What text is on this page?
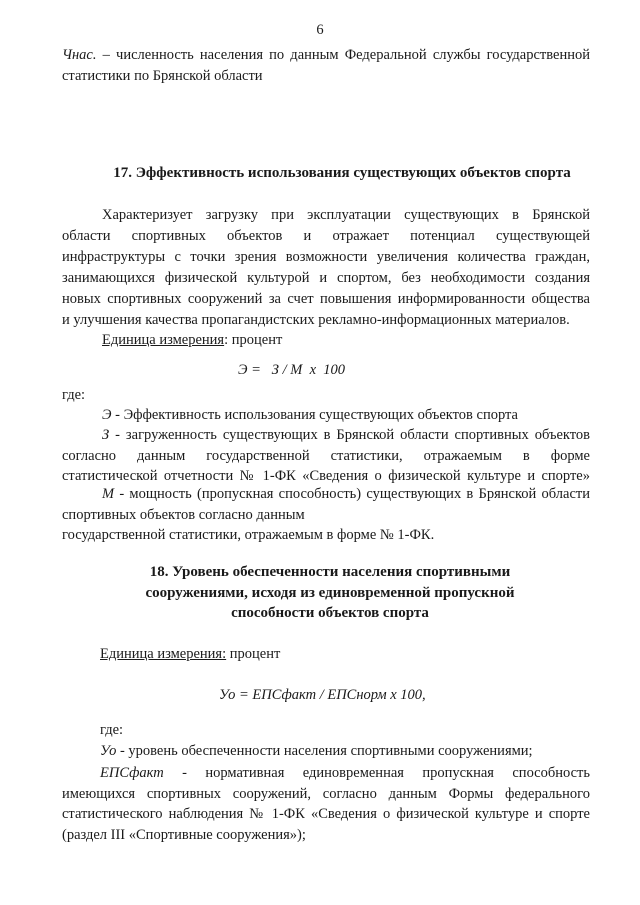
6
Чнас. – численность населения по данным Федеральной службы государственной
статистики по Брянской области
17. Эффективность использования существующих объектов спорта
Характеризует загрузку при эксплуатации существующих в Брянской
области спортивных объектов и отражает потенциал существующей
инфраструктуры с точки зрения возможности увеличения количества граждан,
занимающихся физической культурой и спортом, без необходимости создания
новых спортивных сооружений за счет повышения информированности общества
и улучшения качества пропагандистских рекламно-информационных материалов.
Единица измерения: процент
Э =   З / М  х  100
где:
Э - Эффективность использования существующих объектов спорта
З - загруженность существующих в Брянской области спортивных объектов
согласно данным государственной статистики, отражаемым в форме
статистической отчетности № 1-ФК «Сведения о физической культуре и спорте»
М - мощность (пропускная способность) существующих в Брянской области
спортивных объектов согласно данным
государственной статистики, отражаемым в форме № 1-ФК.
18. Уровень обеспеченности населения спортивными
сооружениями, исходя из единовременной пропускной
способности объектов спорта
Единица измерения: процент
Уо = ЕПСфакт / ЕПСнорм х 100,
где:
Уо - уровень обеспеченности населения спортивными сооружениями;
ЕПСфакт - нормативная единовременная пропускная способность
имеющихся спортивных сооружений, согласно данным Формы федерального
статистического наблюдения № 1-ФК «Сведения о физической культуре и спорте
(раздел III «Спортивные сооружения»);
